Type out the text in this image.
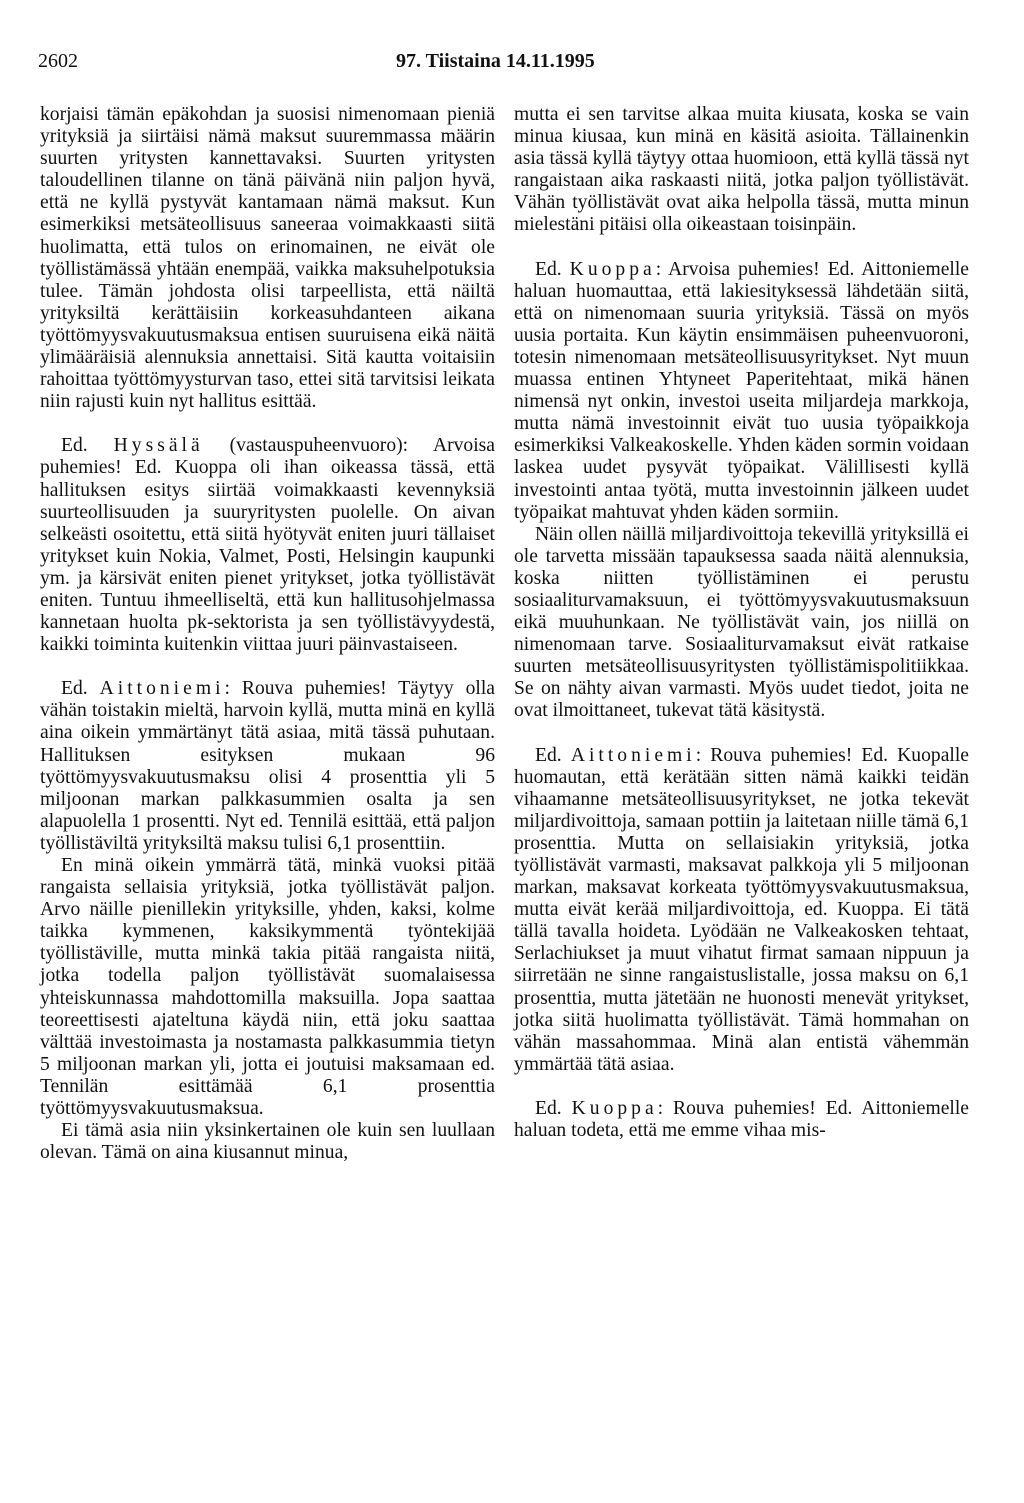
2602	97. Tiistaina 14.11.1995

korjaisi tämän epäkohdan ja suosisi nimenomaan pieniä yrityksiä ja siirtäisi nämä maksut suuremmassa määrin suurten yritysten kannettavaksi. Suurten yritysten taloudellinen tilanne on tänä päivänä niin paljon hyvä, että ne kyllä pystyvät kantamaan nämä maksut. Kun esimerkiksi metsäteollisuus saneeraa voimakkaasti siitä huolimatta, että tulos on erinomainen, ne eivät ole työllistämässä yhtään enempää, vaikka maksuhelpotuksia tulee. Tämän johdosta olisi tarpeellista, että näiltä yrityksiltä kerättäisiin korkeasuhdanteen aikana työttömyysvakuutusmaksua entisen suuruisena eikä näitä ylimääräisiä alennuksia annettaisi. Sitä kautta voitaisiin rahoittaa työttömyysturvan taso, ettei sitä tarvitsisi leikata niin rajusti kuin nyt hallitus esittää.

Ed. Hyssälä (vastauspuheenvuoro): Arvoisa puhemies! Ed. Kuoppa oli ihan oikeassa tässä, että hallituksen esitys siirtää voimakkaasti kevennyksiä suurteollisuuden ja suuryritysten puolelle. On aivan selkeästi osoitettu, että siitä hyötyvät eniten juuri tällaiset yritykset kuin Nokia, Valmet, Posti, Helsingin kaupunki ym. ja kärsivät eniten pienet yritykset, jotka työllistävät eniten. Tuntuu ihmeelliseltä, että kun hallitusohjelmassa kannetaan huolta pk-sektorista ja sen työllistävyydestä, kaikki toiminta kuitenkin viittaa juuri päinvastaiseen.

Ed. Aittoniemi: Rouva puhemies! Täytyy olla vähän toistakin mieltä, harvoin kyllä, mutta minä en kyllä aina oikein ymmärtänyt tätä asiaa, mitä tässä puhutaan. Hallituksen esityksen mukaan 96 työttömyysvakuutusmaksu olisi 4 prosenttia yli 5 miljoonan markan palkkasummien osalta ja sen alapuolella 1 prosentti. Nyt ed. Tennilä esittää, että paljon työllistäviltä yrityksiltä maksu tulisi 6,1 prosenttiin.

En minä oikein ymmärrä tätä, minkä vuoksi pitää rangaista sellaisia yrityksiä, jotka työllistävät paljon. Arvo näille pienillekin yrityksille, yhden, kaksi, kolme taikka kymmenen, kaksikymmentä työntekijää työllistäville, mutta minkä takia pitää rangaista niitä, jotka todella paljon työllistävät suomalaisessa yhteiskunnassa mahdottomilla maksuilla. Jopa saattaa teoreettisesti ajateltuna käydä niin, että joku saattaa välttää investoimasta ja nostamasta palkkasummia tietyn 5 miljoonan markan yli, jotta ei joutuisi maksamaan ed. Tennilän esittämää 6,1 prosenttia työttömyysvakuutusmaksua.

Ei tämä asia niin yksinkertainen ole kuin sen luullaan olevan. Tämä on aina kiusannut minua,

mutta ei sen tarvitse alkaa muita kiusata, koska se vain minua kiusaa, kun minä en käsitä asioita. Tällainenkin asia tässä kyllä täytyy ottaa huomioon, että kyllä tässä nyt rangaistaan aika raskaasti niitä, jotka paljon työllistävät. Vähän työllistävät ovat aika helpolla tässä, mutta minun mielestäni pitäisi olla oikeastaan toisinpäin.

Ed. Kuoppa: Arvoisa puhemies! Ed. Aittoniemelle haluan huomauttaa, että lakiesityksessä lähdetään siitä, että on nimenomaan suuria yrityksiä. Tässä on myös uusia portaita. Kun käytin ensimmäisen puheenvuoroni, totesin nimenomaan metsäteollisuusyritykset. Nyt muun muassa entinen Yhtyneet Paperitehtaat, mikä hänen nimensä nyt onkin, investoi useita miljardeja markkoja, mutta nämä investoinnit eivät tuo uusia työpaikkoja esimerkiksi Valkeakoskelle. Yhden käden sormin voidaan laskea uudet pysyvät työpaikat. Välillisesti kyllä investointi antaa työtä, mutta investoinnin jälkeen uudet työpaikat mahtuvat yhden käden sormiin.

Näin ollen näillä miljardivoittoja tekevillä yrityksillä ei ole tarvetta missään tapauksessa saada näitä alennuksia, koska niitten työllistäminen ei perustu sosiaaliturvamaksuun, ei työttömyysvakuutusmaksuun eikä muuhunkaan. Ne työllistävät vain, jos niillä on nimenomaan tarve. Sosiaaliturvamaksut eivät ratkaise suurten metsäteollisuusyritysten työllistämispolitiikkaa. Se on nähty aivan varmasti. Myös uudet tiedot, joita ne ovat ilmoittaneet, tukevat tätä käsitystä.

Ed. Aittoniemi: Rouva puhemies! Ed. Kuopalle huomautan, että kerätään sitten nämä kaikki teidän vihaamanne metsäteollisuusyritykset, ne jotka tekevät miljardivoittoja, samaan pottiin ja laitetaan niille tämä 6,1 prosenttia. Mutta on sellaisiakin yrityksiä, jotka työllistävät varmasti, maksavat palkkoja yli 5 miljoonan markan, maksavat korkeata työttömyysvakuutusmaksua, mutta eivät kerää miljardivoittoja, ed. Kuoppa. Ei tätä tällä tavalla hoideta. Lyödään ne Valkeakosken tehtaat, Serlachiukset ja muut vihatut firmat samaan nippuun ja siirretään ne sinne rangaistuslistalle, jossa maksu on 6,1 prosenttia, mutta jätetään ne huonosti menevät yritykset, jotka siitä huolimatta työllistävät. Tämä hommahan on vähän massahommaa. Minä alan entistä vähemmän ymmärtää tätä asiaa.

Ed. Kuoppa: Rouva puhemies! Ed. Aittoniemelle haluan todeta, että me emme vihaa mis-
